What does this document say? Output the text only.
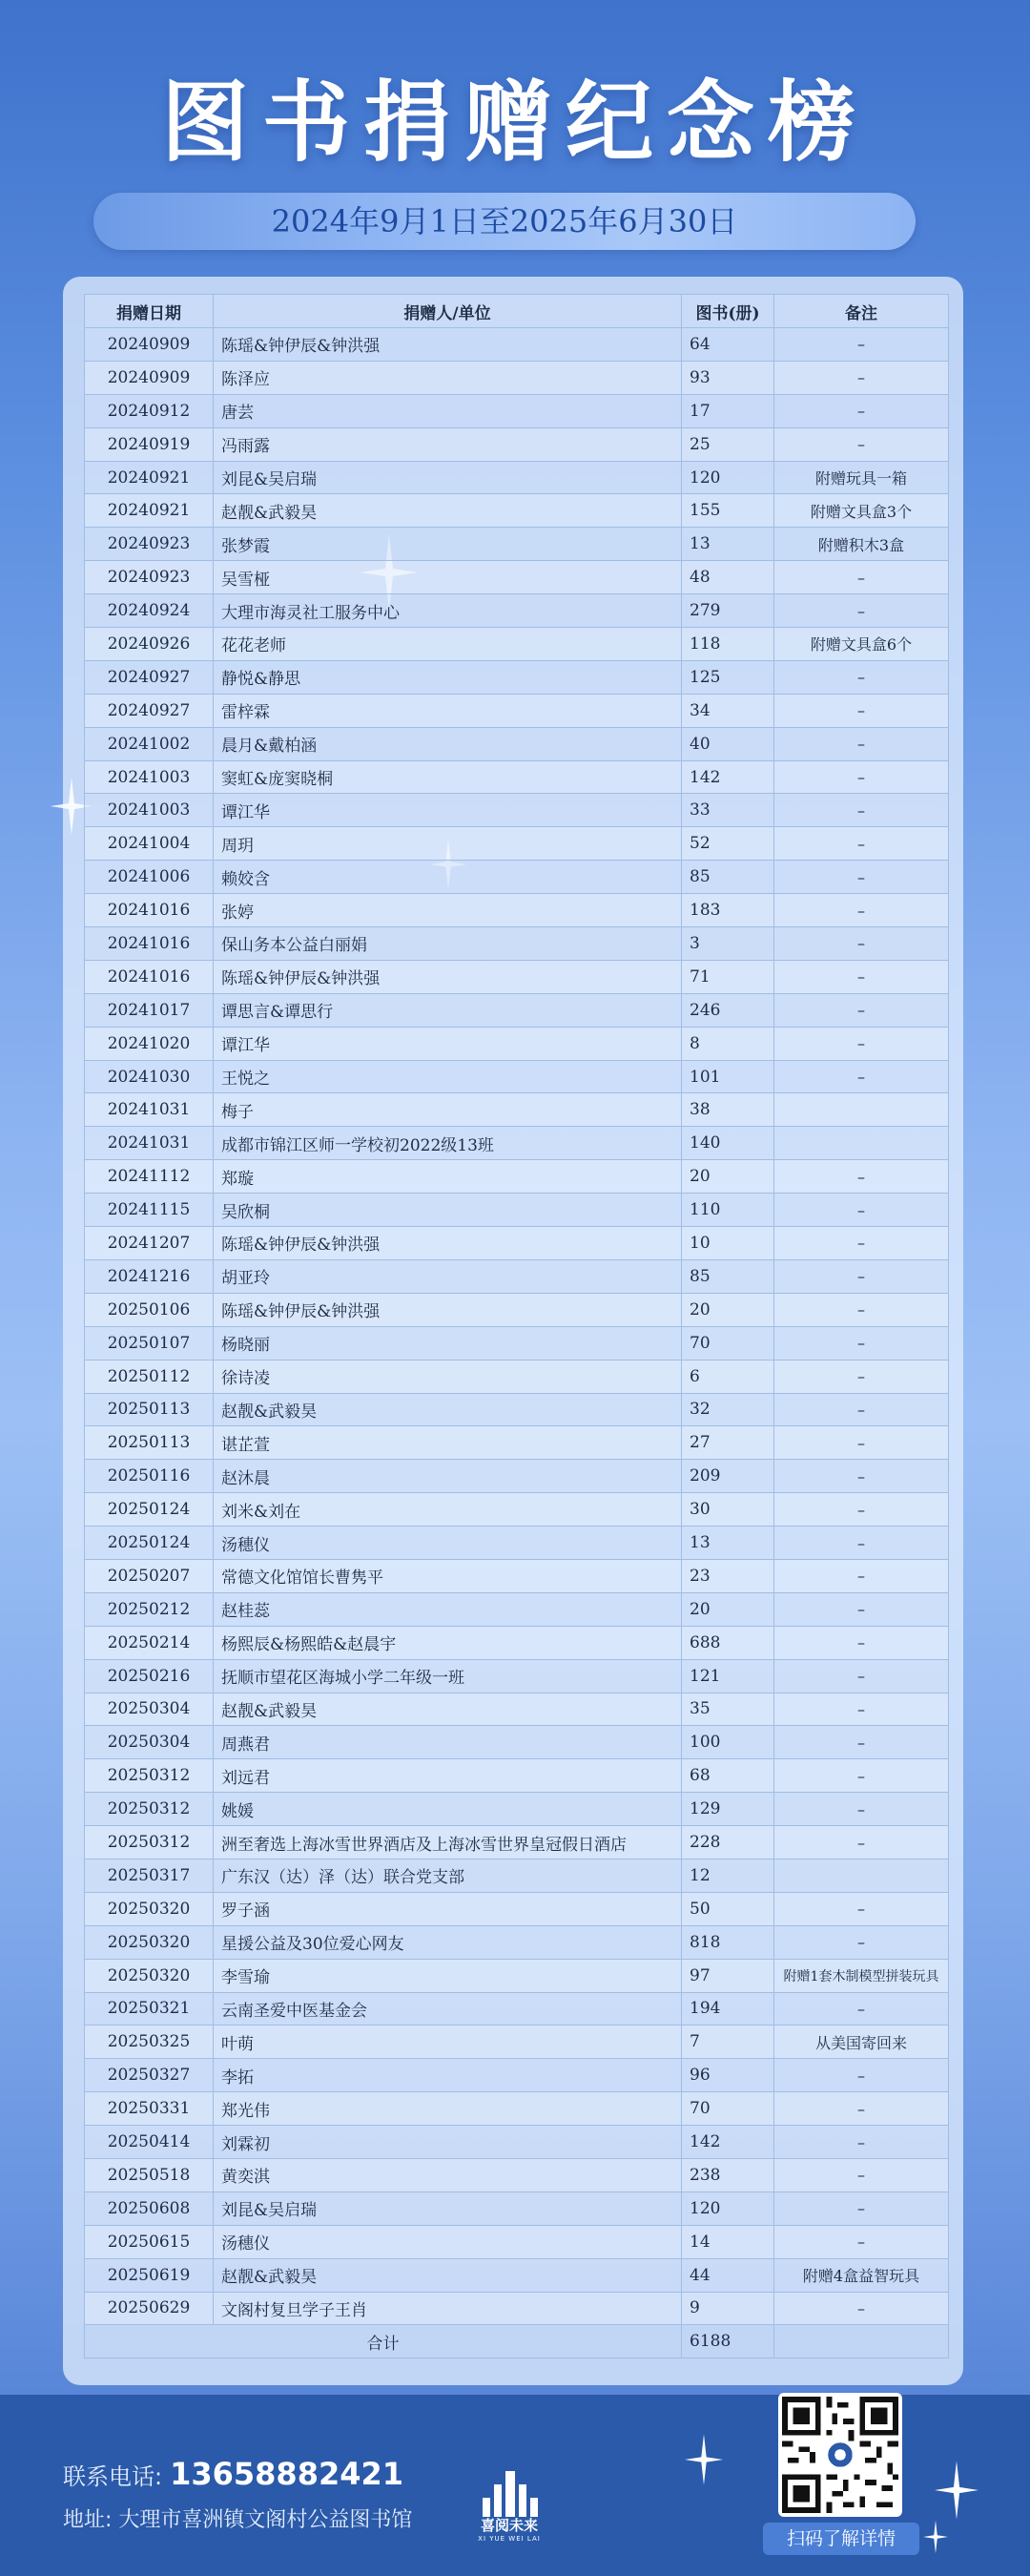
图书捐赠纪念榜
2024年9月1日至2025年6月30日
捐赠日期	捐赠人/单位	图书(册)	备注
20240909	陈瑶&钟伊辰&钟洪强	64	–
20240909	陈泽应	93	–
20240912	唐芸	17	–
20240919	冯雨露	25	–
20240921	刘昆&吴启瑞	120	附赠玩具一箱
20240921	赵靓&武毅昊	155	附赠文具盒3个
20240923	张梦霞	13	附赠积木3盒
20240923	吴雪桠	48	–
20240924	大理市海灵社工服务中心	279	–
20240926	花花老师	118	附赠文具盒6个
20240927	静悦&静思	125	–
20240927	雷梓霖	34	–
20241002	晨月&戴柏涵	40	–
20241003	窦虹&庞窦晓桐	142	–
20241003	谭江华	33	–
20241004	周玥	52	–
20241006	赖姣含	85	–
20241016	张婷	183	–
20241016	保山务本公益白丽娟	3	–
20241016	陈瑶&钟伊辰&钟洪强	71	–
20241017	谭思言&谭思行	246	–
20241020	谭江华	8	–
20241030	王悦之	101	–
20241031	梅子	38	
20241031	成都市锦江区师一学校初2022级13班	140	
20241112	郑璇	20	–
20241115	吴欣桐	110	–
20241207	陈瑶&钟伊辰&钟洪强	10	–
20241216	胡亚玲	85	–
20250106	陈瑶&钟伊辰&钟洪强	20	–
20250107	杨晓丽	70	–
20250112	徐诗凌	6	–
20250113	赵靓&武毅昊	32	–
20250113	谌芷萱	27	–
20250116	赵沐晨	209	–
20250124	刘米&刘在	30	–
20250124	汤穗仪	13	–
20250207	常德文化馆馆长曹隽平	23	–
20250212	赵桂蕊	20	–
20250214	杨熙辰&杨熙皓&赵晨宇	688	–
20250216	抚顺市望花区海城小学二年级一班	121	–
20250304	赵靓&武毅昊	35	–
20250304	周燕君	100	–
20250312	刘远君	68	–
20250312	姚媛	129	–
20250312	洲至奢选上海冰雪世界酒店及上海冰雪世界皇冠假日酒店	228	–
20250317	广东汉（达）泽（达）联合党支部	12	
20250320	罗子涵	50	–
20250320	星援公益及30位爱心网友	818	–
20250320	李雪瑜	97	附赠1套木制模型拼装玩具
20250321	云南圣爱中医基金会	194	–
20250325	叶萌	7	从美国寄回来
20250327	李拓	96	–
20250331	郑光伟	70	–
20250414	刘霖初	142	–
20250518	黄奕淇	238	–
20250608	刘昆&吴启瑞	120	–
20250615	汤穗仪	14	–
20250619	赵靓&武毅昊	44	附赠4盒益智玩具
20250629	文阁村复旦学子王肖	9	–
合计		6188	
联系电话: 13658882421
地址: 大理市喜洲镇文阁村公益图书馆	喜阅未来
XI YUE WEI LAI	扫码了解详情
